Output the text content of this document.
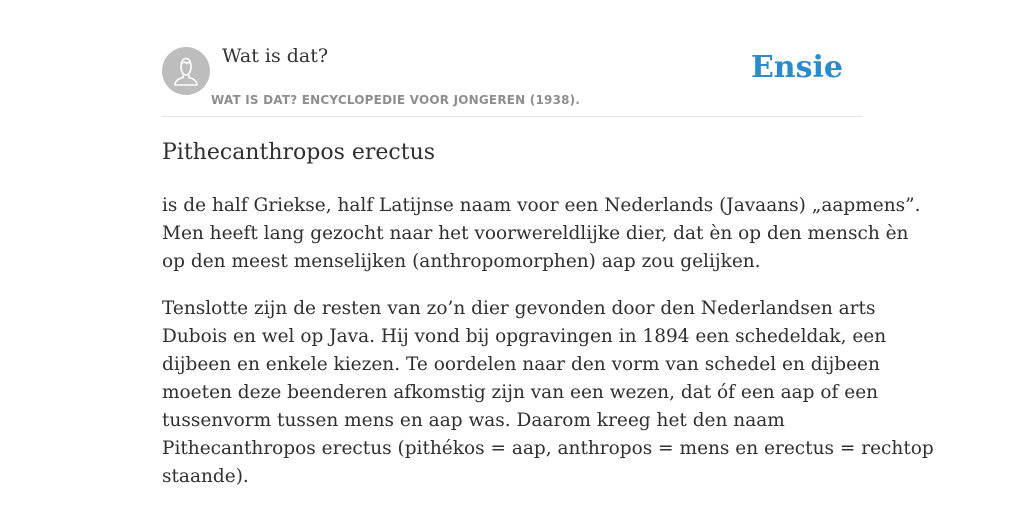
Wat is dat?
WAT IS DAT? ENCYCLOPEDIE VOOR JONGEREN (1938).
Ensie
Pithecanthropos erectus

is de half Griekse, half Latijnse naam voor een Nederlands (Javaans) „aapmens”.
Men heeft lang gezocht naar het voorwereldlijke dier, dat èn op den mensch èn
op den meest menselijken (anthropomorphen) aap zou gelijken.

Tenslotte zijn de resten van zo’n dier gevonden door den Nederlandsen arts
Dubois en wel op Java. Hij vond bij opgravingen in 1894 een schedeldak, een
dijbeen en enkele kiezen. Te oordelen naar den vorm van schedel en dijbeen
moeten deze beenderen afkomstig zijn van een wezen, dat óf een aap of een
tussenvorm tussen mens en aap was. Daarom kreeg het den naam
Pithecanthropos erectus (pithékos = aap, anthropos = mens en erectus = rechtop
staande).
